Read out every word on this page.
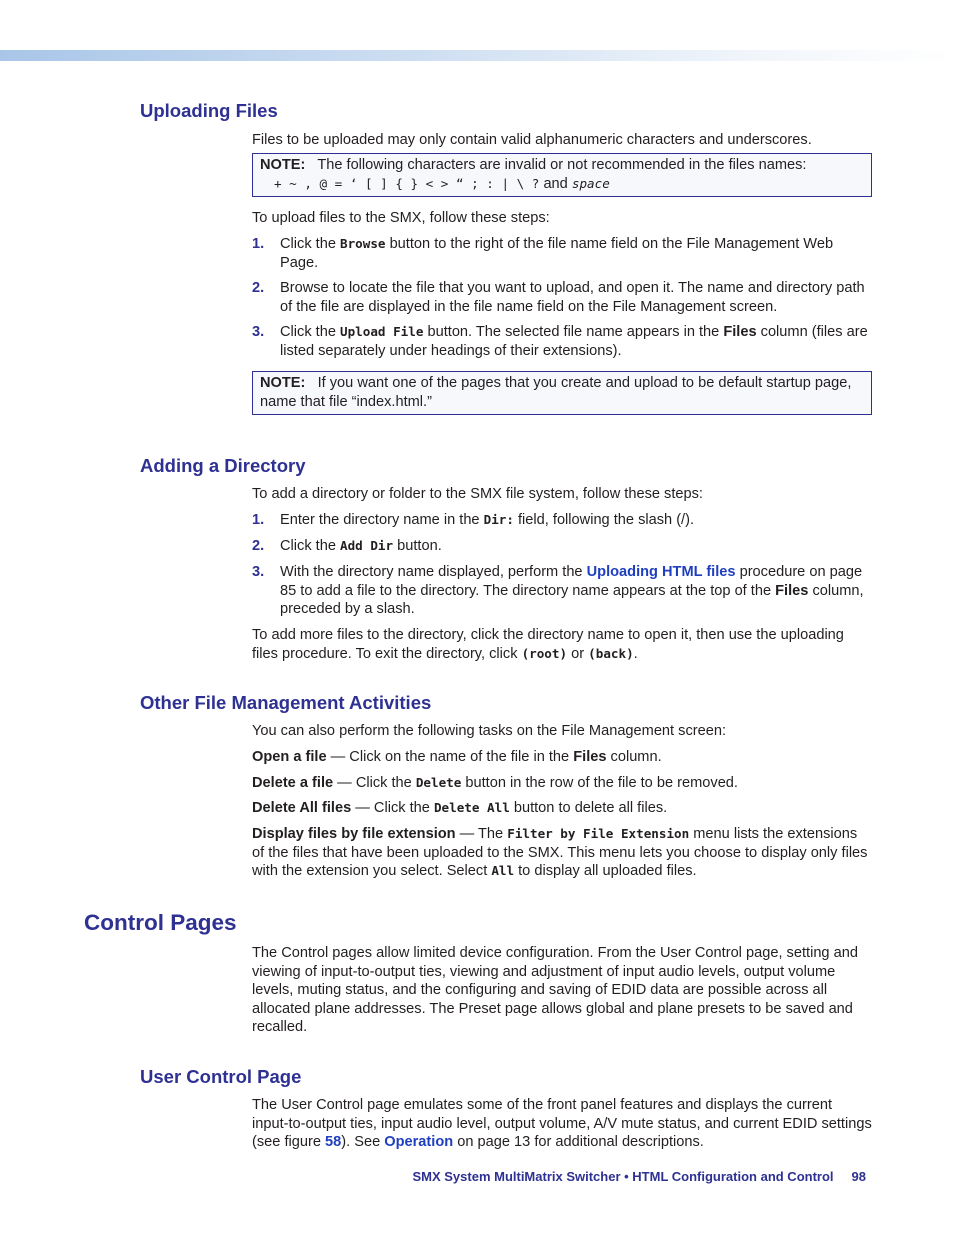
Uploading Files

Files to be uploaded may only contain valid alphanumeric characters and underscores.

NOTE: The following characters are invalid or not recommended in the files names:
+ ~ , @ = ‘ [ ] { } < > “ ; : | \ ? and space

To upload files to the SMX, follow these steps:

1. Click the Browse button to the right of the file name field on the File Management Web Page.
2. Browse to locate the file that you want to upload, and open it. The name and directory path of the file are displayed in the file name field on the File Management screen.
3. Click the Upload File button. The selected file name appears in the Files column (files are listed separately under headings of their extensions).
NOTE: If you want one of the pages that you create and upload to be default startup page, name that file “index.html.”
Adding a Directory

To add a directory or folder to the SMX file system, follow these steps:

1. Enter the directory name in the Dir: field, following the slash (/).
2. Click the Add Dir button.
3. With the directory name displayed, perform the Uploading HTML files procedure on page 85 to add a file to the directory. The directory name appears at the top of the Files column, preceded by a slash.

To add more files to the directory, click the directory name to open it, then use the uploading files procedure. To exit the directory, click (root) or (back).

Other File Management Activities

You can also perform the following tasks on the File Management screen:

Open a file — Click on the name of the file in the Files column.

Delete a file — Click the Delete button in the row of the file to be removed.

Delete All files — Click the Delete All button to delete all files.

Display files by file extension — The Filter by File Extension menu lists the extensions of the files that have been uploaded to the SMX. This menu lets you choose to display only files with the extension you select. Select All to display all uploaded files.

Control Pages

The Control pages allow limited device configuration. From the User Control page, setting and viewing of input-to-output ties, viewing and adjustment of input audio levels, output volume levels, muting status, and the configuring and saving of EDID data are possible across all allocated plane addresses. The Preset page allows global and plane presets to be saved and recalled.

User Control Page

The User Control page emulates some of the front panel features and displays the current input-to-output ties, input audio level, output volume, A/V mute status, and current EDID settings (see figure 58). See Operation on page 13 for additional descriptions.

SMX System MultiMatrix Switcher • HTML Configuration and Control 98
